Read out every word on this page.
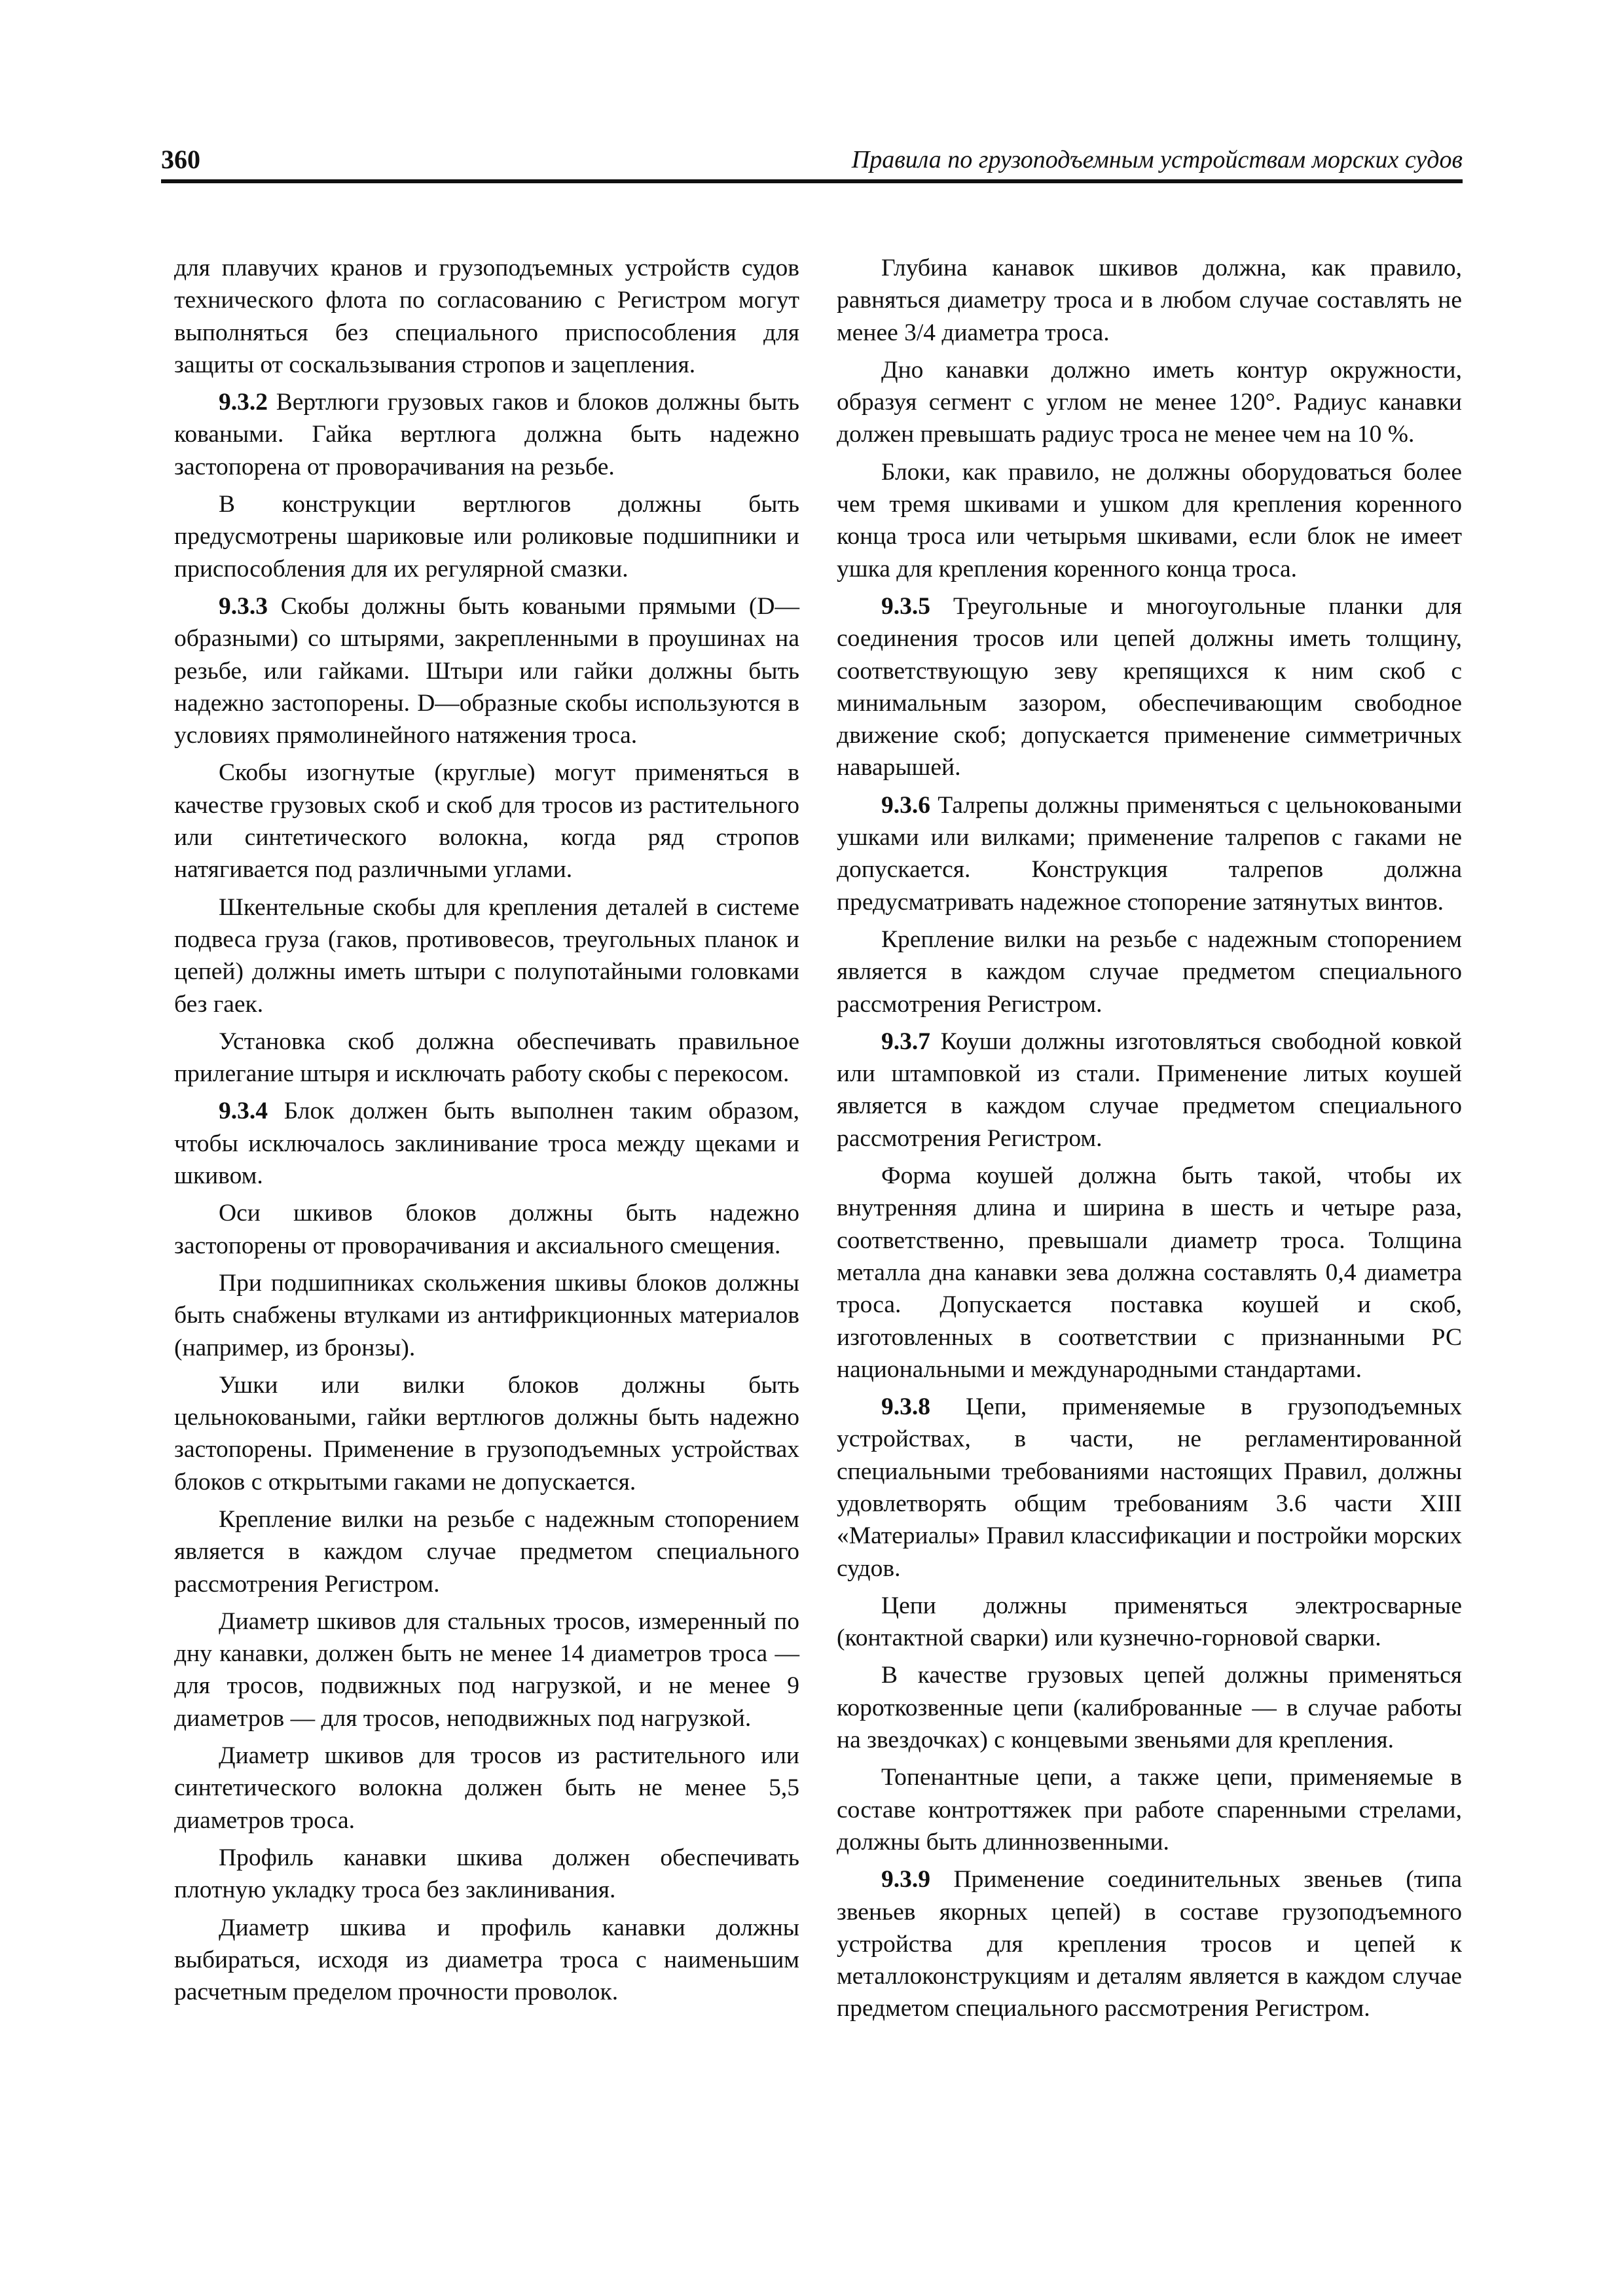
360	Правила по грузоподъемным устройствам морских судов

для плавучих кранов и грузоподъемных устройств судов технического флота по согласованию с Регистром могут выполняться без специального приспособления для защиты от соскальзывания стропов и зацепления.

9.3.2 Вертлюги грузовых гаков и блоков должны быть коваными. Гайка вертлюга должна быть надежно застопорена от проворачивания на резьбе.

В конструкции вертлюгов должны быть предусмотрены шариковые или роликовые подшипники и приспособления для их регулярной смазки.

9.3.3 Скобы должны быть коваными прямыми (D—образными) со штырями, закрепленными в проушинах на резьбе, или гайками. Штыри или гайки должны быть надежно застопорены. D—образные скобы используются в условиях прямолинейного натяжения троса.

Скобы изогнутые (круглые) могут применяться в качестве грузовых скоб и скоб для тросов из растительного или синтетического волокна, когда ряд стропов натягивается под различными углами.

Шкентельные скобы для крепления деталей в системе подвеса груза (гаков, противовесов, треугольных планок и цепей) должны иметь штыри с полупотайными головками без гаек.

Установка скоб должна обеспечивать правильное прилегание штыря и исключать работу скобы с перекосом.

9.3.4 Блок должен быть выполнен таким образом, чтобы исключалось заклинивание троса между щеками и шкивом.

Оси шкивов блоков должны быть надежно застопорены от проворачивания и аксиального смещения.

При подшипниках скольжения шкивы блоков должны быть снабжены втулками из антифрикционных материалов (например, из бронзы).

Ушки или вилки блоков должны быть цельноковаными, гайки вертлюгов должны быть надежно застопорены. Применение в грузоподъемных устройствах блоков с открытыми гаками не допускается.

Крепление вилки на резьбе с надежным стопорением является в каждом случае предметом специального рассмотрения Регистром.

Диаметр шкивов для стальных тросов, измеренный по дну канавки, должен быть не менее 14 диаметров троса — для тросов, подвижных под нагрузкой, и не менее 9 диаметров — для тросов, неподвижных под нагрузкой.

Диаметр шкивов для тросов из растительного или синтетического волокна должен быть не менее 5,5 диаметров троса.

Профиль канавки шкива должен обеспечивать плотную укладку троса без заклинивания.

Диаметр шкива и профиль канавки должны выбираться, исходя из диаметра троса с наименьшим расчетным пределом прочности проволок.

Глубина канавок шкивов должна, как правило, равняться диаметру троса и в любом случае составлять не менее 3/4 диаметра троса.

Дно канавки должно иметь контур окружности, образуя сегмент с углом не менее 120°. Радиус канавки должен превышать радиус троса не менее чем на 10 %.

Блоки, как правило, не должны оборудоваться более чем тремя шкивами и ушком для крепления коренного конца троса или четырьмя шкивами, если блок не имеет ушка для крепления коренного конца троса.

9.3.5 Треугольные и многоугольные планки для соединения тросов или цепей должны иметь толщину, соответствующую зеву крепящихся к ним скоб с минимальным зазором, обеспечивающим свободное движение скоб; допускается применение симметричных наварышей.

9.3.6 Талрепы должны применяться с цельноковаными ушками или вилками; применение талрепов с гаками не допускается. Конструкция талрепов должна предусматривать надежное стопорение затянутых винтов.

Крепление вилки на резьбе с надежным стопорением является в каждом случае предметом специального рассмотрения Регистром.

9.3.7 Коуши должны изготовляться свободной ковкой или штамповкой из стали. Применение литых коушей является в каждом случае предметом специального рассмотрения Регистром.

Форма коушей должна быть такой, чтобы их внутренняя длина и ширина в шесть и четыре раза, соответственно, превышали диаметр троса. Толщина металла дна канавки зева должна составлять 0,4 диаметра троса. Допускается поставка коушей и скоб, изготовленных в соответствии с признанными РС национальными и международными стандартами.

9.3.8 Цепи, применяемые в грузоподъемных устройствах, в части, не регламентированной специальными требованиями настоящих Правил, должны удовлетворять общим требованиям 3.6 части XIII «Материалы» Правил классификации и постройки морских судов.

Цепи должны применяться электросварные (контактной сварки) или кузнечно-горновой сварки.

В качестве грузовых цепей должны применяться короткозвенные цепи (калиброванные — в случае работы на звездочках) с концевыми звеньями для крепления.

Топенантные цепи, а также цепи, применяемые в составе контроттяжек при работе спаренными стрелами, должны быть длиннозвенными.

9.3.9 Применение соединительных звеньев (типа звеньев якорных цепей) в составе грузоподъемного устройства для крепления тросов и цепей к металлоконструкциям и деталям является в каждом случае предметом специального рассмотрения Регистром.
